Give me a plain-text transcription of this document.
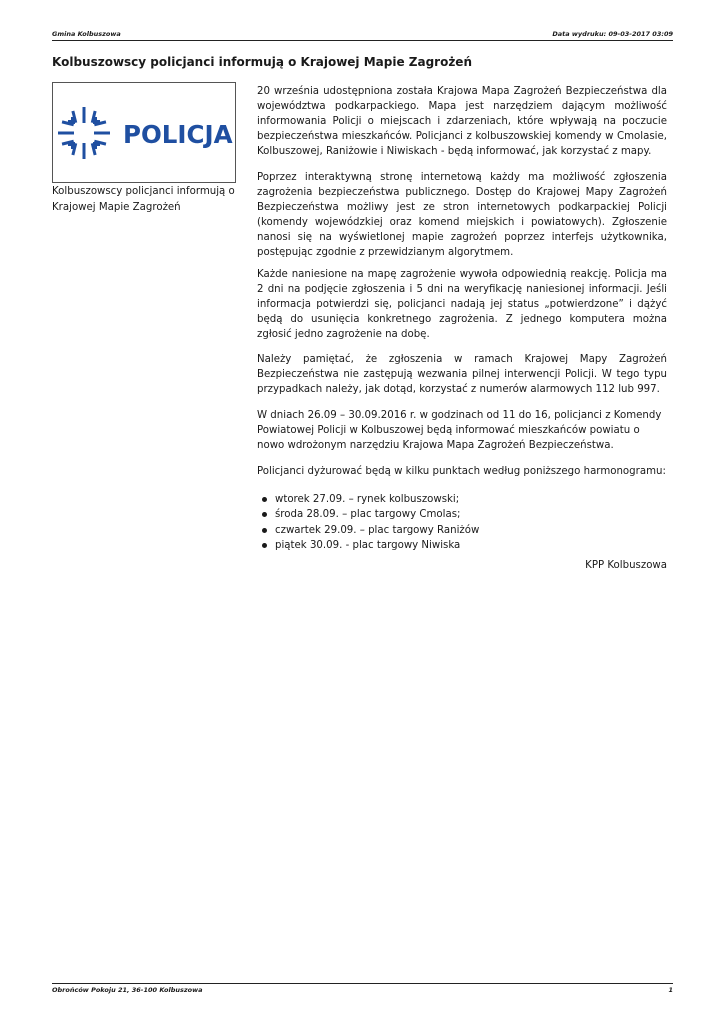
Gmina Kolbuszowa	Data wydruku: 09-03-2017 03:09
Kolbuszowscy policjanci informują o Krajowej Mapie Zagrożeń
POLICJA
Kolbuszowscy policjanci informują o Krajowej Mapie Zagrożeń

20 września udostępniona została Krajowa Mapa Zagrożeń Bezpieczeństwa dla województwa podkarpackiego. Mapa jest narzędziem dającym możliwość informowania Policji o miejscach i zdarzeniach, które wpływają na poczucie bezpieczeństwa mieszkańców. Policjanci z kolbuszowskiej komendy w Cmolasie, Kolbuszowej, Raniżowie i Niwiskach - będą informować, jak korzystać z mapy.

Poprzez interaktywną stronę internetową każdy ma możliwość zgłoszenia zagrożenia bezpieczeństwa publicznego. Dostęp do Krajowej Mapy Zagrożeń Bezpieczeństwa możliwy jest ze stron internetowych podkarpackiej Policji (komendy wojewódzkiej oraz komend miejskich i powiatowych). Zgłoszenie nanosi się na wyświetlonej mapie zagrożeń poprzez interfejs użytkownika, postępując zgodnie z przewidzianym algorytmem.

Każde naniesione na mapę zagrożenie wywoła odpowiednią reakcję. Policja ma 2 dni na podjęcie zgłoszenia i 5 dni na weryfikację naniesionej informacji. Jeśli informacja potwierdzi się, policjanci nadają jej status „potwierdzone” i dążyć będą do usunięcia konkretnego zagrożenia. Z jednego komputera można zgłosić jedno zagrożenie na dobę.

Należy pamiętać, że zgłoszenia w ramach Krajowej Mapy Zagrożeń Bezpieczeństwa nie zastępują wezwania pilnej interwencji Policji. W tego typu przypadkach należy, jak dotąd, korzystać z numerów alarmowych 112 lub 997.

W dniach 26.09 – 30.09.2016 r. w godzinach od 11 do 16, policjanci z Komendy Powiatowej Policji w Kolbuszowej będą informować mieszkańców powiatu o nowo wdrożonym narzędziu Krajowa Mapa Zagrożeń Bezpieczeństwa.

Policjanci dyżurować będą w kilku punktach według poniższego harmonogramu:

wtorek 27.09. – rynek kolbuszowski;
środa 28.09. – plac targowy Cmolas;
czwartek 29.09. – plac targowy Raniżów
piątek 30.09. - plac targowy Niwiska

KPP Kolbuszowa

Obrońców Pokoju 21, 36-100 Kolbuszowa	1
